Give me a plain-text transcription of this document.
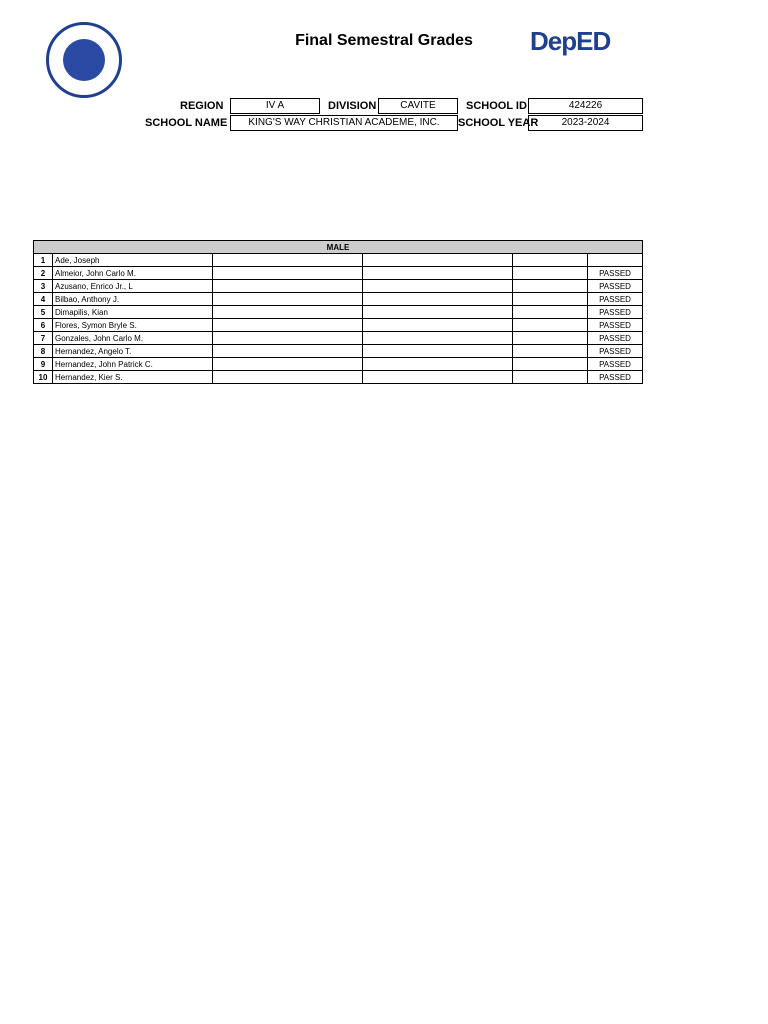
Final Semestral Grades	DepED
REGION	IV A	DIVISION	CAVITE	SCHOOL ID	424226
SCHOOL NAME	KING'S WAY CHRISTIAN ACADEME, INC.	SCHOOL YEAR	2023-2024
MALE					
1	Ade, Joseph				
2	Almeior, John Carlo M.				PASSED
3	Azusano, Enrico Jr., L				PASSED
4	Bilbao, Anthony J.				PASSED
5	Dimapilis, Kian				PASSED
6	Flores, Symon Bryle S.				PASSED
7	Gonzales, John Carlo M.				PASSED
8	Hernandez, Angelo T.				PASSED
9	Hernandez, John Patrick C.				PASSED
10	Hernandez, Kier S.				PASSED
